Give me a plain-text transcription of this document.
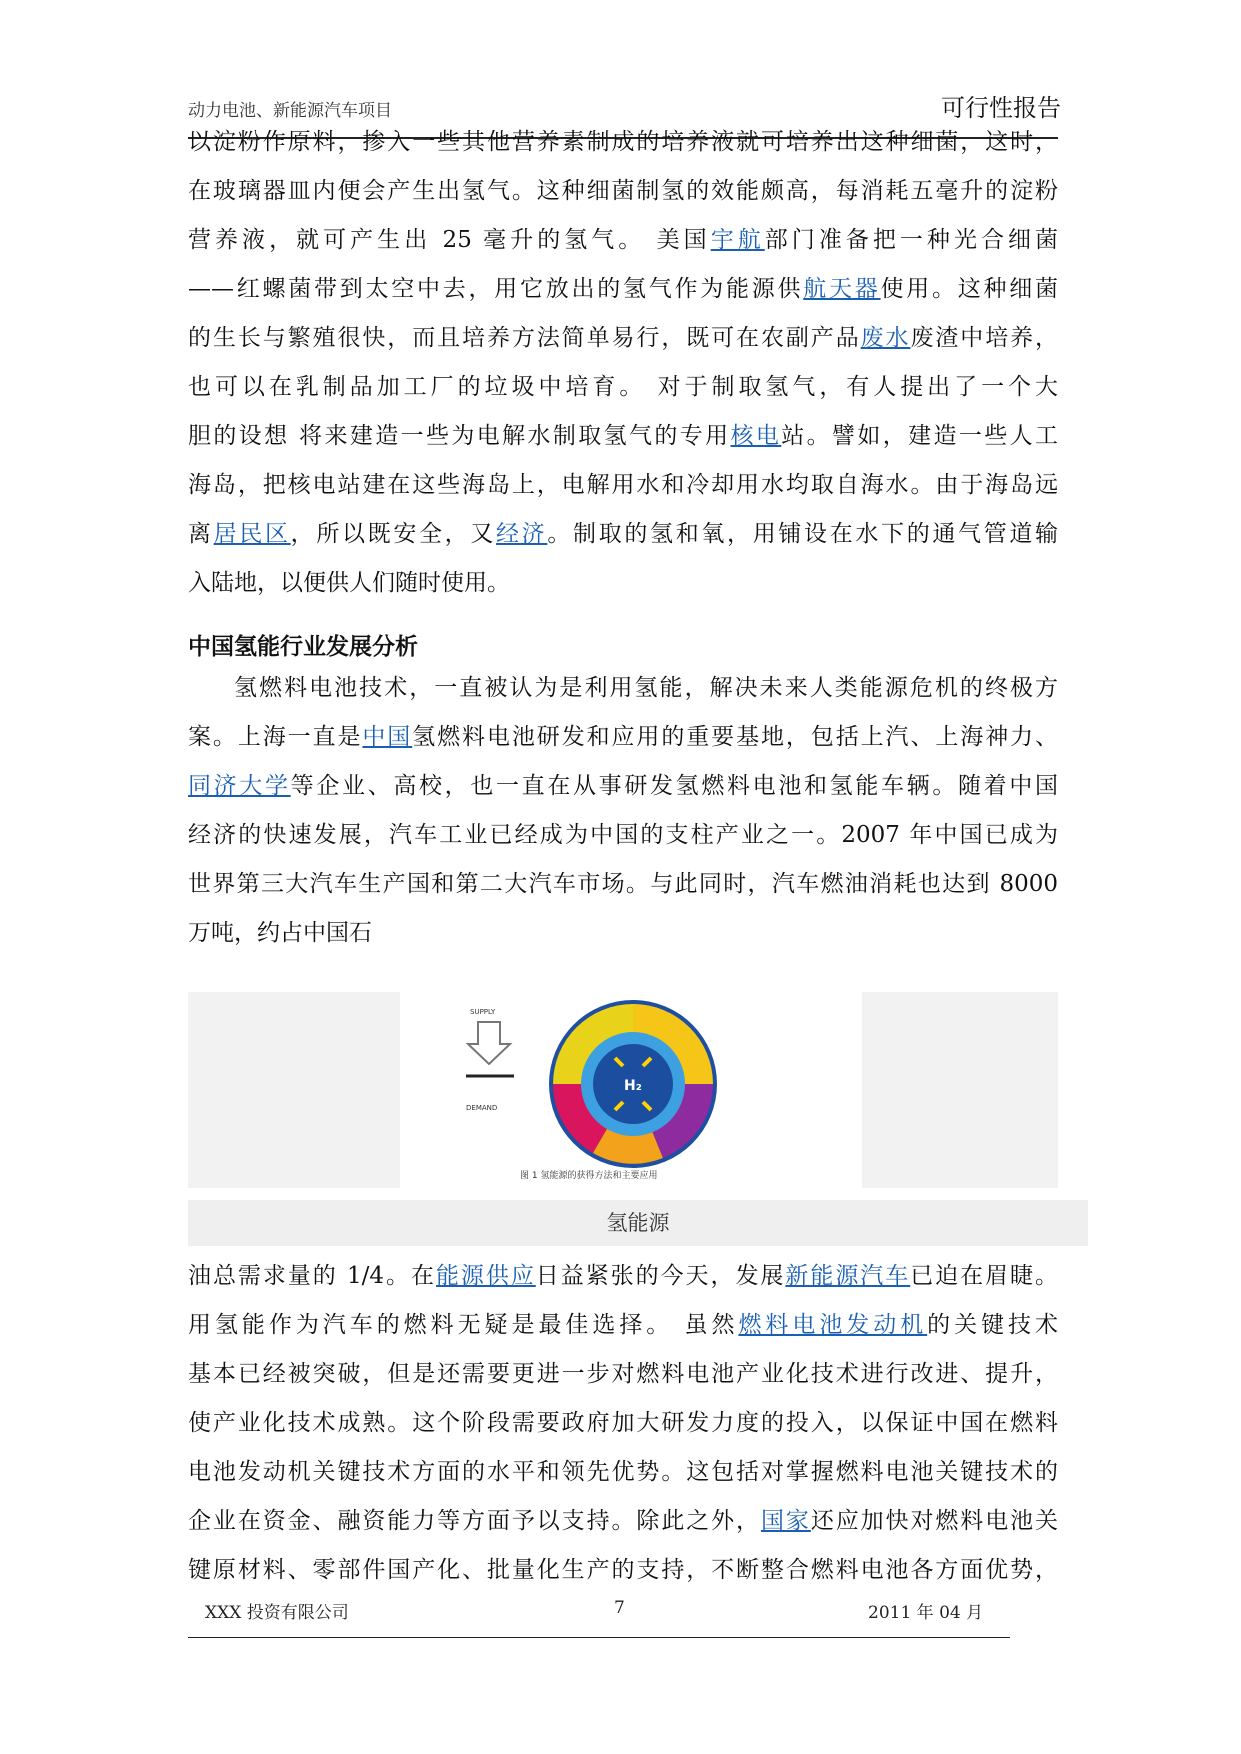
动力电池、新能源汽车项目	可行性报告
以淀粉作原料，掺入一些其他营养素制成的培养液就可培养出这种细菌，这时，
在玻璃器皿内便会产生出氢气。这种细菌制氢的效能颇高，每消耗五毫升的淀粉
营养液，就可产生出 25 毫升的氢气。 美国宇航部门准备把一种光合细菌
——红螺菌带到太空中去，用它放出的氢气作为能源供航天器使用。这种细菌
的生长与繁殖很快，而且培养方法简单易行，既可在农副产品废水废渣中培养，
也可以在乳制品加工厂的垃圾中培育。 对于制取氢气，有人提出了一个大
胆的设想 将来建造一些为电解水制取氢气的专用核电站。譬如，建造一些人工
海岛，把核电站建在这些海岛上，电解用水和冷却用水均取自海水。由于海岛远
离居民区，所以既安全，又经济。制取的氢和氧，用铺设在水下的通气管道输
入陆地，以便供人们随时使用。
中国氢能行业发展分析
氢燃料电池技术，一直被认为是利用氢能，解决未来人类能源危机的终极方
案。上海一直是中国氢燃料电池研发和应用的重要基地，包括上汽、上海神力、
同济大学等企业、高校，也一直在从事研发氢燃料电池和氢能车辆。随着中国
经济的快速发展，汽车工业已经成为中国的支柱产业之一。2007 年中国已成为
世界第三大汽车生产国和第二大汽车市场。与此同时，汽车燃油消耗也达到 8000
万吨，约占中国石
SUPPLY
DEMAND
H₂
图 1 氢能源的获得方法和主要应用
氢能源
油总需求量的 1/4。在能源供应日益紧张的今天，发展新能源汽车已迫在眉睫。
用氢能作为汽车的燃料无疑是最佳选择。 虽然燃料电池发动机的关键技术
基本已经被突破，但是还需要更进一步对燃料电池产业化技术进行改进、提升，
使产业化技术成熟。这个阶段需要政府加大研发力度的投入，以保证中国在燃料
电池发动机关键技术方面的水平和领先优势。这包括对掌握燃料电池关键技术的
企业在资金、融资能力等方面予以支持。除此之外，国家还应加快对燃料电池关
键原材料、零部件国产化、批量化生产的支持，不断整合燃料电池各方面优势，
XXX 投资有限公司	7	2011 年 04 月
